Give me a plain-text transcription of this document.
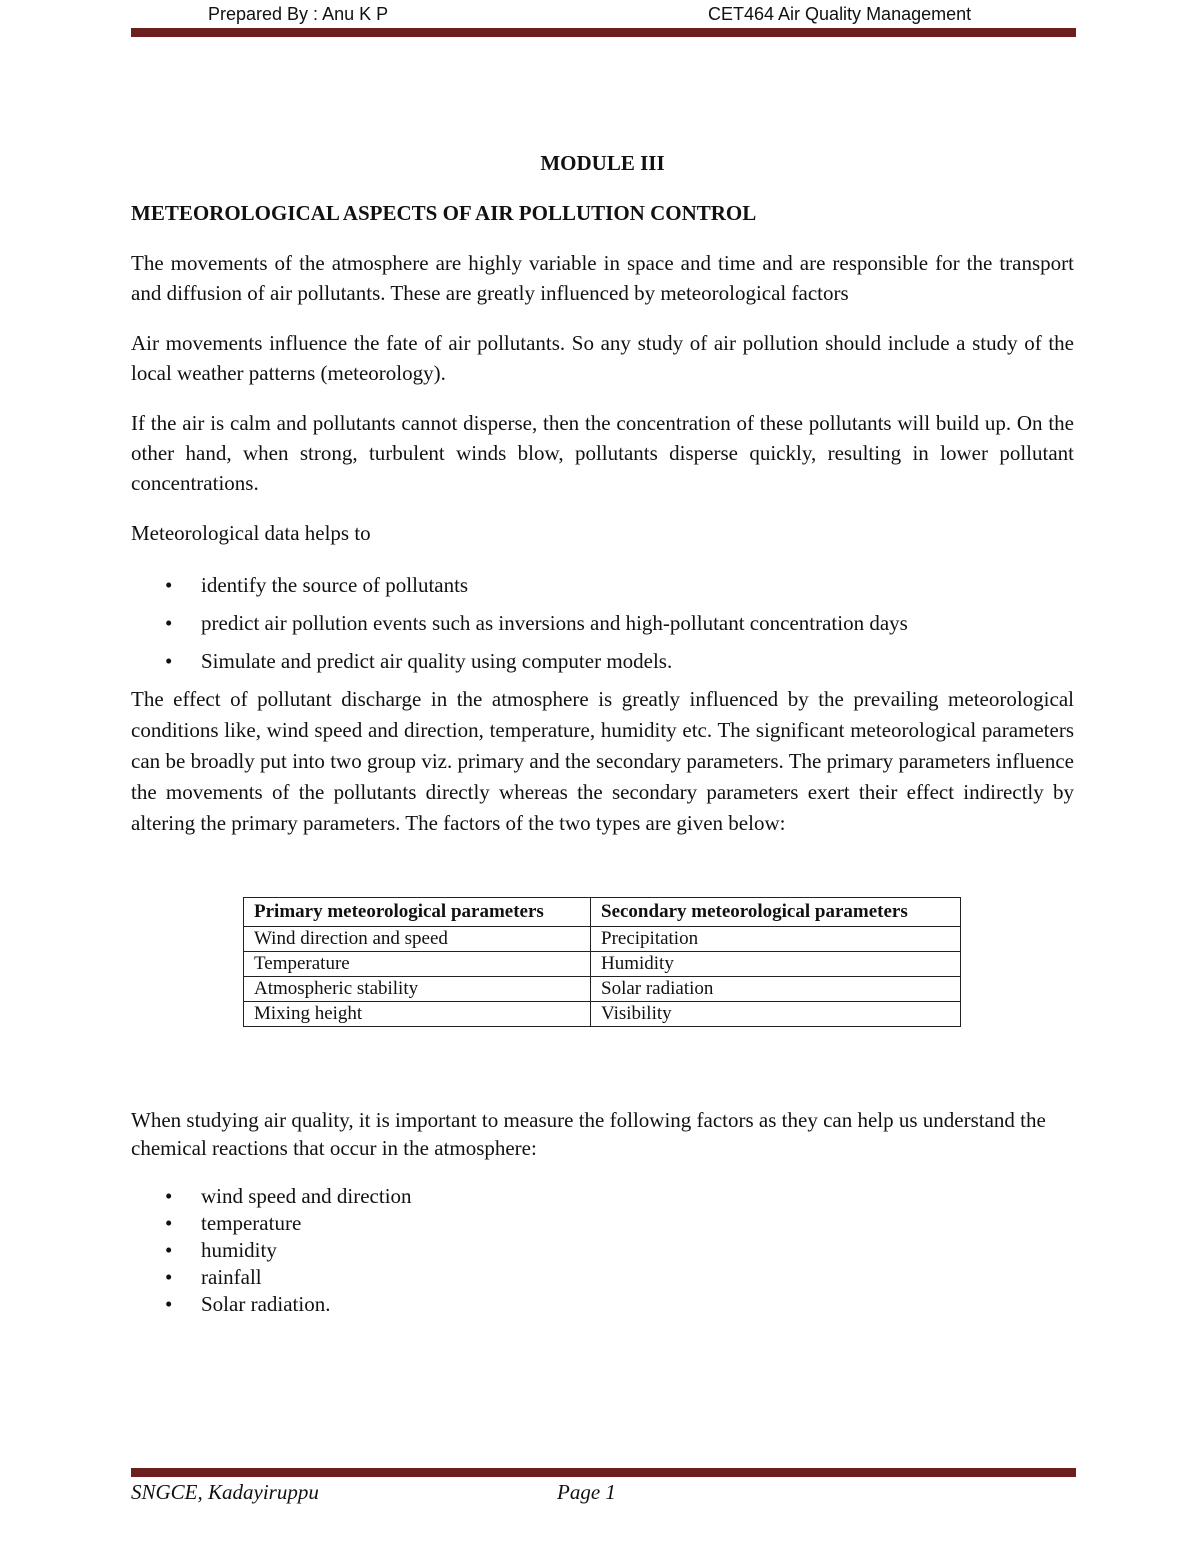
Prepared By : Anu K P	CET464 Air Quality Management
MODULE III
METEOROLOGICAL ASPECTS OF AIR POLLUTION CONTROL

The movements of the atmosphere are highly variable in space and time and are responsible for the transport and diffusion of air pollutants. These are greatly influenced by meteorological factors

Air movements influence the fate of air pollutants. So any study of air pollution should include a study of the local weather patterns (meteorology).

If the air is calm and pollutants cannot disperse, then the concentration of these pollutants will build up. On the other hand, when strong, turbulent winds blow, pollutants disperse quickly, resulting in lower pollutant concentrations.

Meteorological data helps to

• identify the source of pollutants
• predict air pollution events such as inversions and high-pollutant concentration days
• Simulate and predict air quality using computer models.

The effect of pollutant discharge in the atmosphere is greatly influenced by the prevailing meteorological conditions like, wind speed and direction, temperature, humidity etc. The significant meteorological parameters can be broadly put into two group viz. primary and the secondary parameters. The primary parameters influence the movements of the pollutants directly whereas the secondary parameters exert their effect indirectly by altering the primary parameters. The factors of the two types are given below:

Primary meteorological parameters	Secondary meteorological parameters
Wind direction and speed	Precipitation
Temperature	Humidity
Atmospheric stability	Solar radiation
Mixing height	Visibility

When studying air quality, it is important to measure the following factors as they can help us understand the chemical reactions that occur in the atmosphere:

• wind speed and direction
• temperature
• humidity
• rainfall
• Solar radiation.
SNGCE, Kadayiruppu	Page 1
